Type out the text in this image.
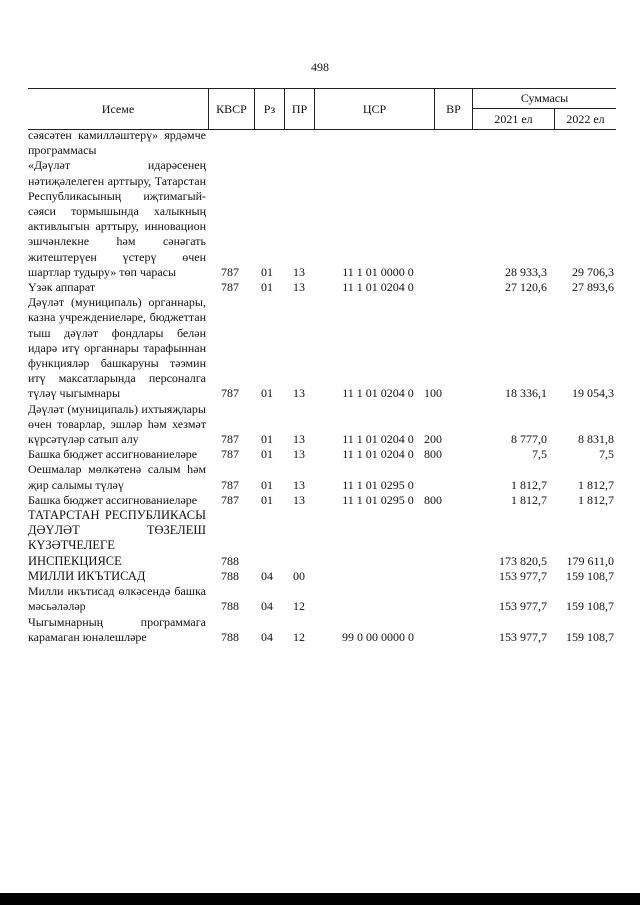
498
Исеме	КВСР	Рз	ПР	ЦСР	ВР
Суммасы
2021 ел	2022 ел
сәясәтен камилләштерү» ярдәмче программасы
«Дәүләт идарәсенең нәтиҗәлелеген арттыру, Татарстан Республикасының иҗтимагый-сәяси тормышында халыкның активлыгын арттыру, инновацион эшчәнлекне һәм сәнәгать житештерүен үстерү өчен шартлар тудыру» төп чарасы	787	01	13	11 1 01 0000 0	28 933,3	29 706,3
Үзәк аппарат	787	01	13	11 1 01 0204 0	27 120,6	27 893,6
Дәүләт (муниципаль) органнары, казна учреждениеләре, бюджеттан тыш дәүләт фондлары белән идарә итү органнары тарафыннан функцияләр башкаруны тәэмин итү максатларында персоналга түләү чыгымнары	787	01	13	11 1 01 0204 0 100	18 336,1	19 054,3
Дәүләт (муниципаль) ихтыяҗлары өчен товарлар, эшләр һәм хезмәт күрсәтүләр сатып алу	787	01	13	11 1 01 0204 0 200	8 777,0	8 831,8
Башка бюджет ассигнованиеләре	787	01	13	11 1 01 0204 0 800	7,5	7,5
Оешмалар мөлкәтенә салым һәм җир салымы түләү	787	01	13	11 1 01 0295 0	1 812,7	1 812,7
Башка бюджет ассигнованиеләре	787	01	13	11 1 01 0295 0 800	1 812,7	1 812,7
ТАТАРСТАН РЕСПУБЛИКАСЫ ДӘҮЛӘТ ТӨЗЕЛЕШ КҮЗӘТЧЕЛЕГЕ ИНСПЕКЦИЯСЕ	788	173 820,5	179 611,0
МИЛЛИ ИКЪТИСАД	788	04	00	153 977,7	159 108,7
Милли икътисад өлкәсендә башка мәсьәләләр	788	04	12	153 977,7	159 108,7
Чыгымнарның программага карамаган юнәлешләре	788	04	12	99 0 00 0000 0	153 977,7	159 108,7
